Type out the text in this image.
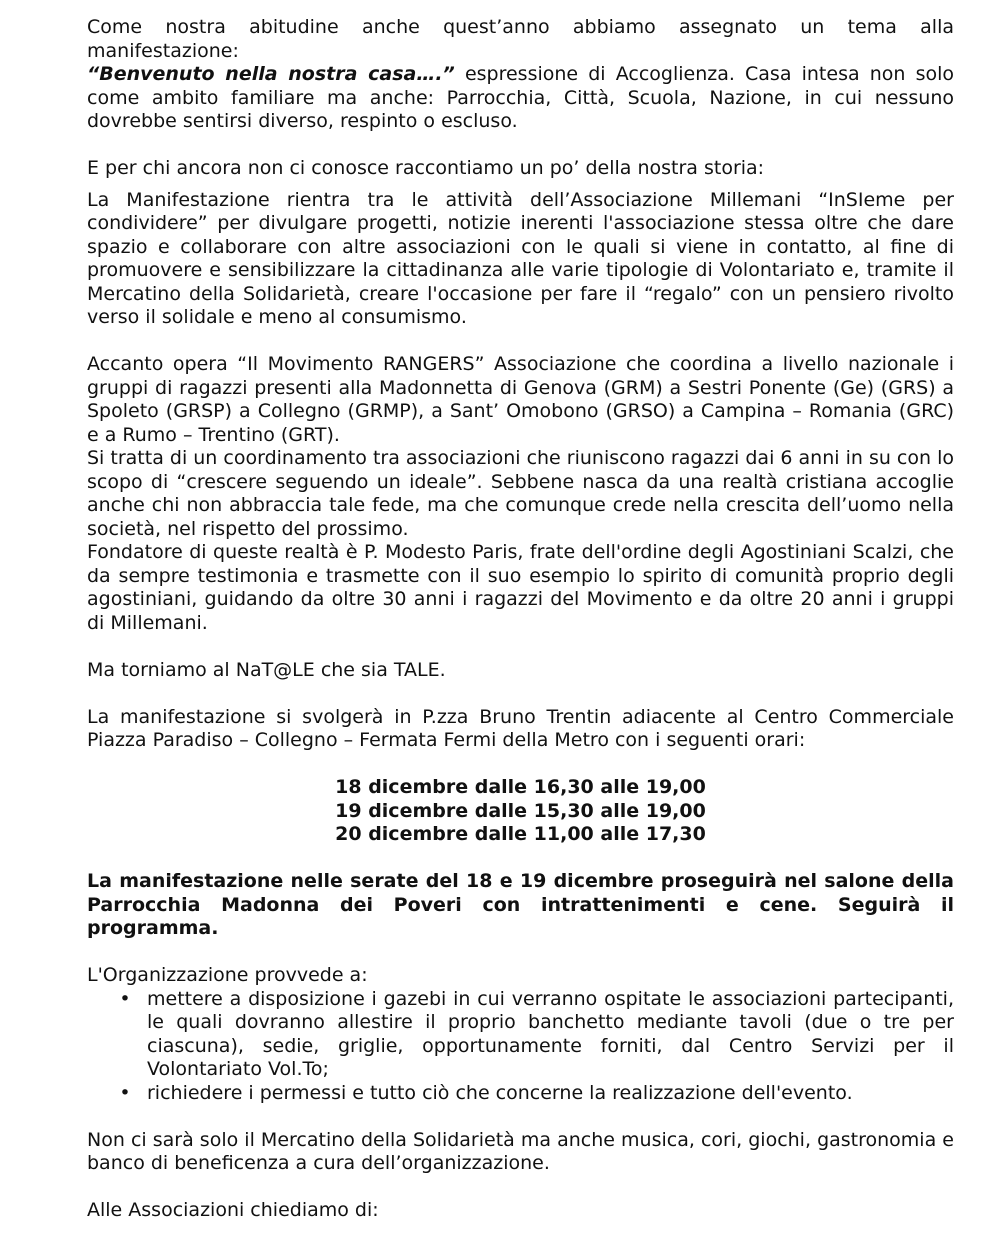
Come nostra abitudine anche quest’anno abbiamo assegnato un tema alla manifestazione:
“Benvenuto nella nostra casa….” espressione di Accoglienza. Casa intesa non solo come ambito familiare ma anche: Parrocchia, Città, Scuola, Nazione, in cui nessuno dovrebbe sentirsi diverso, respinto o escluso.

E per chi ancora non ci conosce raccontiamo un po’ della nostra storia:

La Manifestazione rientra tra le attività dell’Associazione Millemani “InSIeme per condividere” per divulgare progetti, notizie inerenti l'associazione stessa oltre che dare spazio e collaborare con altre associazioni con le quali si viene in contatto, al fine di promuovere e sensibilizzare la cittadinanza alle varie tipologie di Volontariato e, tramite il Mercatino della Solidarietà, creare l'occasione per fare il “regalo” con un pensiero rivolto verso il solidale e meno al consumismo.

Accanto opera “Il Movimento RANGERS” Associazione che coordina a livello nazionale i gruppi di ragazzi presenti alla Madonnetta di Genova (GRM) a Sestri Ponente (Ge) (GRS) a Spoleto (GRSP) a Collegno (GRMP), a Sant’ Omobono (GRSO) a Campina – Romania (GRC) e a Rumo – Trentino (GRT).

Si tratta di un coordinamento tra associazioni che riuniscono ragazzi dai 6 anni in su con lo scopo di “crescere seguendo un ideale”. Sebbene nasca da una realtà cristiana accoglie anche chi non abbraccia tale fede, ma che comunque crede nella crescita dell’uomo nella società, nel rispetto del prossimo.

Fondatore di queste realtà è P. Modesto Paris, frate dell'ordine degli Agostiniani Scalzi, che da sempre testimonia e trasmette con il suo esempio lo spirito di comunità proprio degli agostiniani, guidando da oltre 30 anni i ragazzi del Movimento e da oltre 20 anni i gruppi di Millemani.

Ma torniamo al NaT@LE che sia TALE.

La manifestazione si svolgerà in P.zza Bruno Trentin adiacente al Centro Commerciale Piazza Paradiso – Collegno – Fermata Fermi della Metro con i seguenti orari:

18 dicembre dalle 16,30 alle 19,00

19 dicembre dalle 15,30 alle 19,00

20 dicembre dalle 11,00 alle 17,30

La manifestazione nelle serate del 18 e 19 dicembre proseguirà nel salone della Parrocchia Madonna dei Poveri con intrattenimenti e cene. Seguirà il programma.

L'Organizzazione provvede a:

• mettere a disposizione i gazebi in cui verranno ospitate le associazioni partecipanti, le quali dovranno allestire il proprio banchetto mediante tavoli (due o tre per ciascuna), sedie, griglie, opportunamente forniti, dal Centro Servizi per il Volontariato Vol.To;
• richiedere i permessi e tutto ciò che concerne la realizzazione dell'evento.

Non ci sarà solo il Mercatino della Solidarietà ma anche musica, cori, giochi, gastronomia e banco di beneficenza a cura dell’organizzazione.

Alle Associazioni chiediamo di:
